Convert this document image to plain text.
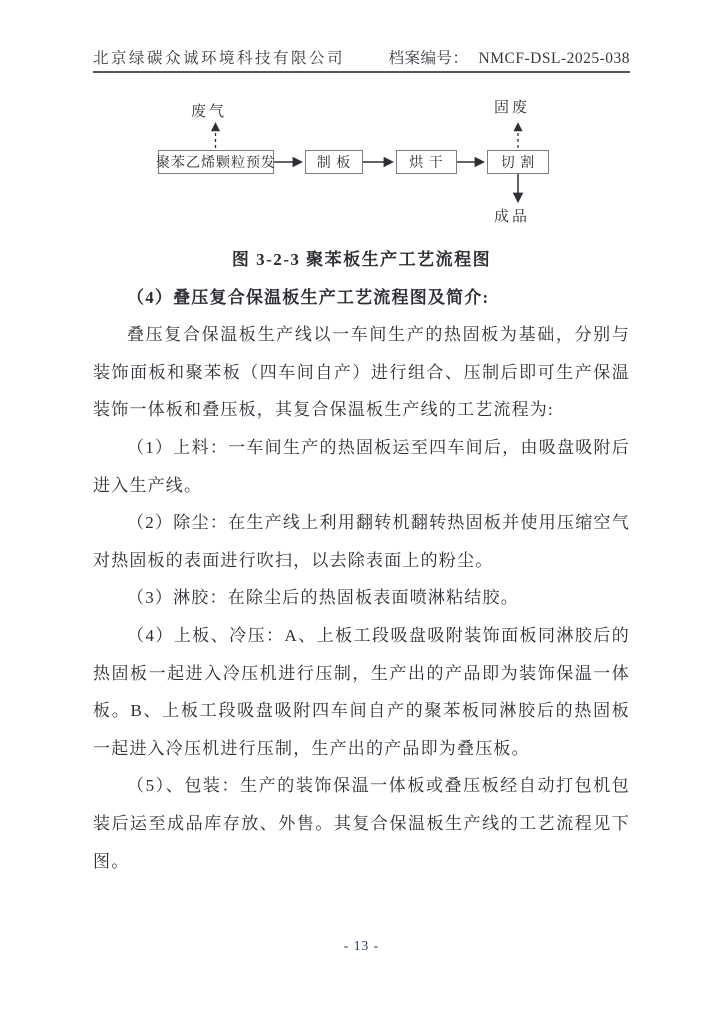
北京绿碳众诚环境科技有限公司	档案编号： NMCF-DSL-2025-038
废气	固废
成品
聚苯乙烯颗粒预发	制 板	烘 干	切 割

图 3-2-3 聚苯板生产工艺流程图

（4）叠压复合保温板生产工艺流程图及简介:

叠压复合保温板生产线以一车间生产的热固板为基础，分别与装饰面板和聚苯板（四车间自产）进行组合、压制后即可生产保温装饰一体板和叠压板，其复合保温板生产线的工艺流程为:

（1）上料：一车间生产的热固板运至四车间后，由吸盘吸附后进入生产线。

（2）除尘：在生产线上利用翻转机翻转热固板并使用压缩空气对热固板的表面进行吹扫，以去除表面上的粉尘。

（3）淋胶：在除尘后的热固板表面喷淋粘结胶。

（4）上板、冷压：A、上板工段吸盘吸附装饰面板同淋胶后的热固板一起进入冷压机进行压制，生产出的产品即为装饰保温一体板。B、上板工段吸盘吸附四车间自产的聚苯板同淋胶后的热固板一起进入冷压机进行压制，生产出的产品即为叠压板。

（5）、包装：生产的装饰保温一体板或叠压板经自动打包机包装后运至成品库存放、外售。其复合保温板生产线的工艺流程见下图。

- 13 -
